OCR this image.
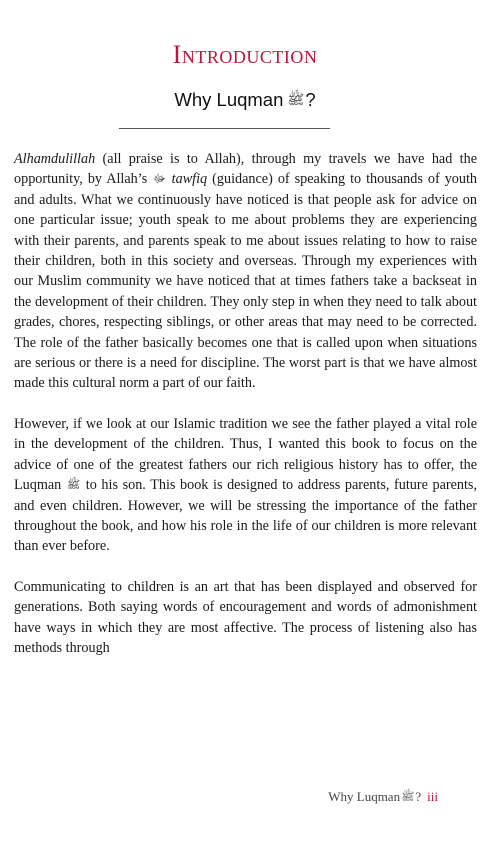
Introduction
Why Luqman ﷺ?

Alhamdulillah (all praise is to Allah), through my travels we have had the opportunity, by Allah’s ﷻ tawfiq (guidance) of speaking to thousands of youth and adults. What we continuously have noticed is that people ask for advice on one particular issue; youth speak to me about problems they are experiencing with their parents, and parents speak to me about issues relating to how to raise their children, both in this society and overseas. Through my experiences with our Muslim community we have noticed that at times fathers take a backseat in the development of their children. They only step in when they need to talk about grades, chores, respecting siblings, or other areas that may need to be corrected. The role of the father basically becomes one that is called upon when situations are serious or there is a need for discipline. The worst part is that we have almost made this cultural norm a part of our faith.

However, if we look at our Islamic tradition we see the father played a vital role in the development of the children. Thus, I wanted this book to focus on the advice of one of the greatest fathers our rich religious history has to offer, the Luqman ﷺ to his son. This book is designed to address parents, future parents, and even children. However, we will be stressing the importance of the father throughout the book, and how his role in the life of our children is more relevant than ever before.

Communicating to children is an art that has been displayed and observed for generations. Both saying words of encouragement and words of admonishment have ways in which they are most affective. The process of listening also has methods through

Why Luqmanﷺ? iii
